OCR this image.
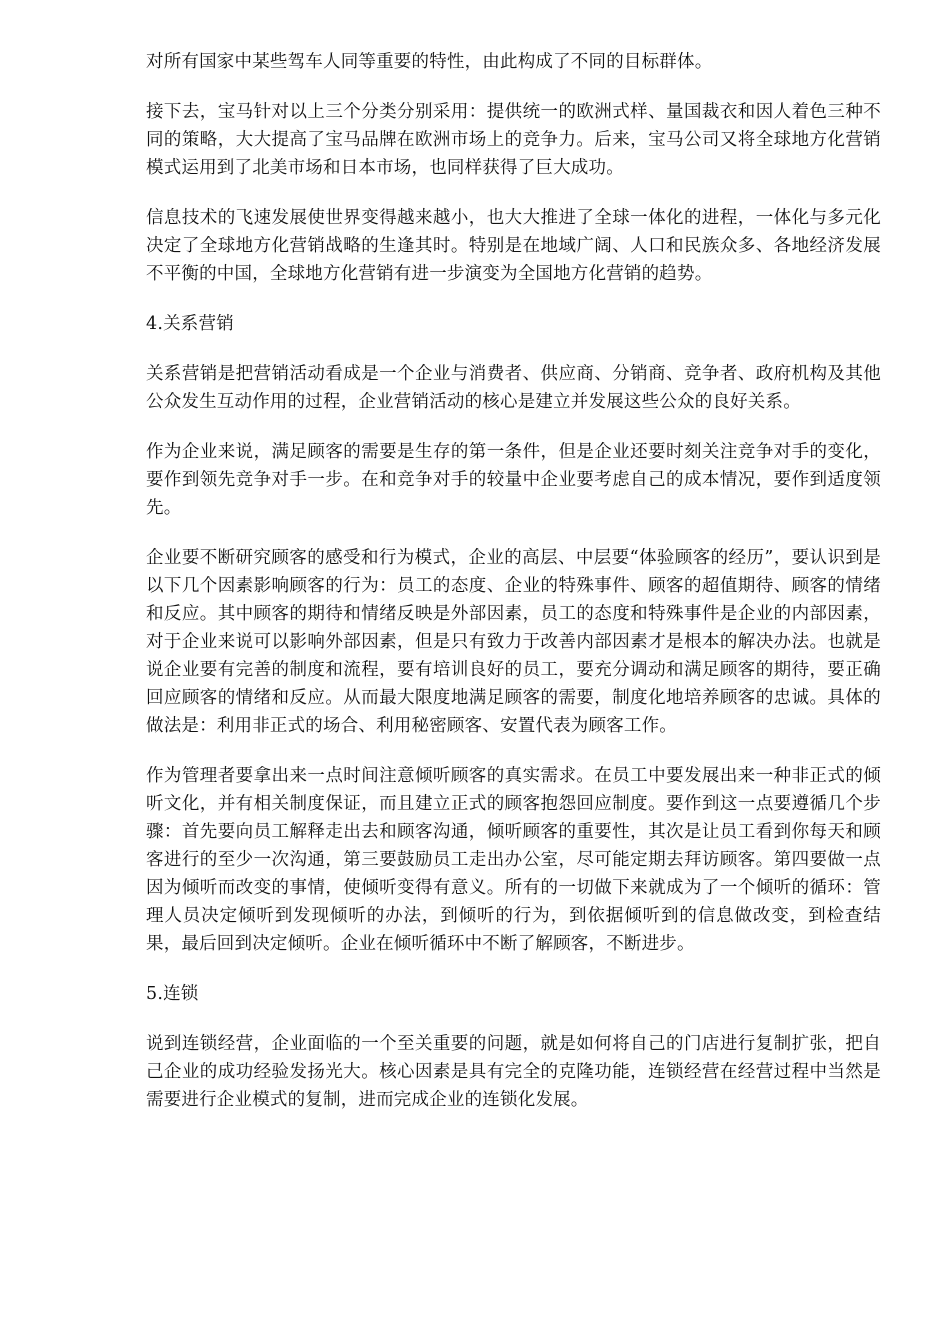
对所有国家中某些驾车人同等重要的特性，由此构成了不同的目标群体。

接下去，宝马针对以上三个分类分别采用：提供统一的欧洲式样、量国裁衣和因人着色三种不同的策略，大大提高了宝马品牌在欧洲市场上的竞争力。后来，宝马公司又将全球地方化营销模式运用到了北美市场和日本市场，也同样获得了巨大成功。

信息技术的飞速发展使世界变得越来越小，也大大推进了全球一体化的进程，一体化与多元化决定了全球地方化营销战略的生逢其时。特别是在地域广阔、人口和民族众多、各地经济发展不平衡的中国，全球地方化营销有进一步演变为全国地方化营销的趋势。

4.关系营销

关系营销是把营销活动看成是一个企业与消费者、供应商、分销商、竞争者、政府机构及其他公众发生互动作用的过程，企业营销活动的核心是建立并发展这些公众的良好关系。

作为企业来说，满足顾客的需要是生存的第一条件，但是企业还要时刻关注竞争对手的变化，要作到领先竞争对手一步。在和竞争对手的较量中企业要考虑自己的成本情况，要作到适度领先。

企业要不断研究顾客的感受和行为模式，企业的高层、中层要“体验顾客的经历”，要认识到是以下几个因素影响顾客的行为：员工的态度、企业的特殊事件、顾客的超值期待、顾客的情绪和反应。其中顾客的期待和情绪反映是外部因素，员工的态度和特殊事件是企业的内部因素，对于企业来说可以影响外部因素，但是只有致力于改善内部因素才是根本的解决办法。也就是说企业要有完善的制度和流程，要有培训良好的员工，要充分调动和满足顾客的期待，要正确回应顾客的情绪和反应。从而最大限度地满足顾客的需要，制度化地培养顾客的忠诚。具体的做法是：利用非正式的场合、利用秘密顾客、安置代表为顾客工作。

作为管理者要拿出来一点时间注意倾听顾客的真实需求。在员工中要发展出来一种非正式的倾听文化，并有相关制度保证，而且建立正式的顾客抱怨回应制度。要作到这一点要遵循几个步骤：首先要向员工解释走出去和顾客沟通，倾听顾客的重要性，其次是让员工看到你每天和顾客进行的至少一次沟通，第三要鼓励员工走出办公室，尽可能定期去拜访顾客。第四要做一点因为倾听而改变的事情，使倾听变得有意义。所有的一切做下来就成为了一个倾听的循环：管理人员决定倾听到发现倾听的办法，到倾听的行为，到依据倾听到的信息做改变，到检查结果，最后回到决定倾听。企业在倾听循环中不断了解顾客，不断进步。

5.连锁

说到连锁经营，企业面临的一个至关重要的问题，就是如何将自己的门店进行复制扩张，把自己企业的成功经验发扬光大。核心因素是具有完全的克隆功能，连锁经营在经营过程中当然是需要进行企业模式的复制，进而完成企业的连锁化发展。
